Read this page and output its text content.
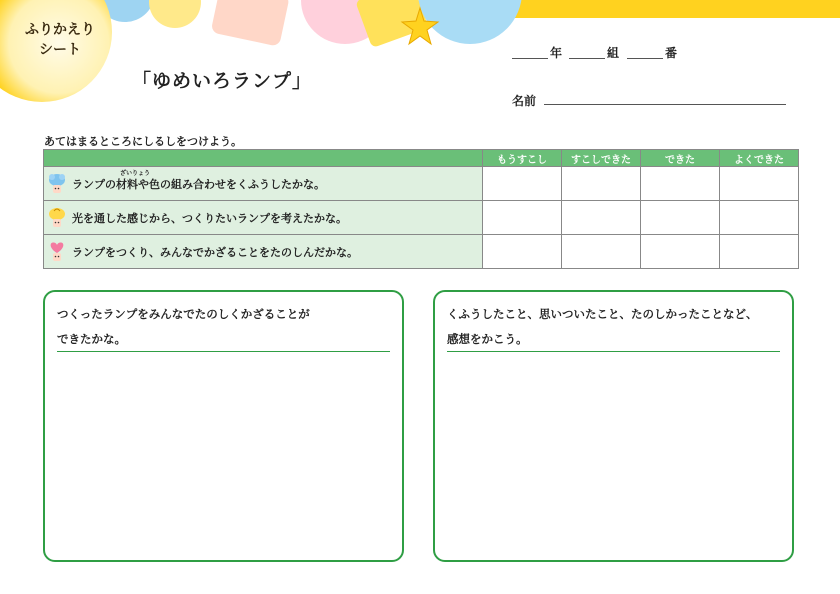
ふりかえり
シート
「ゆめいろランプ」
年	組	番
名前
あてはまるところにしるしをつけよう。
	もうすこし	すこしできた	できた	よくできた

ランプの材料や色の組み合わせをくふうしたかな。
ざいりょう				

光を通した感じから、つくりたいランプを考えたかな。				

ランプをつくり、みんなでかざることをたのしんだかな。				

つくったランプをみんなでたのしくかざることが
できたかな。
くふうしたこと、思いついたこと、たのしかったことなど、
感想をかこう。
